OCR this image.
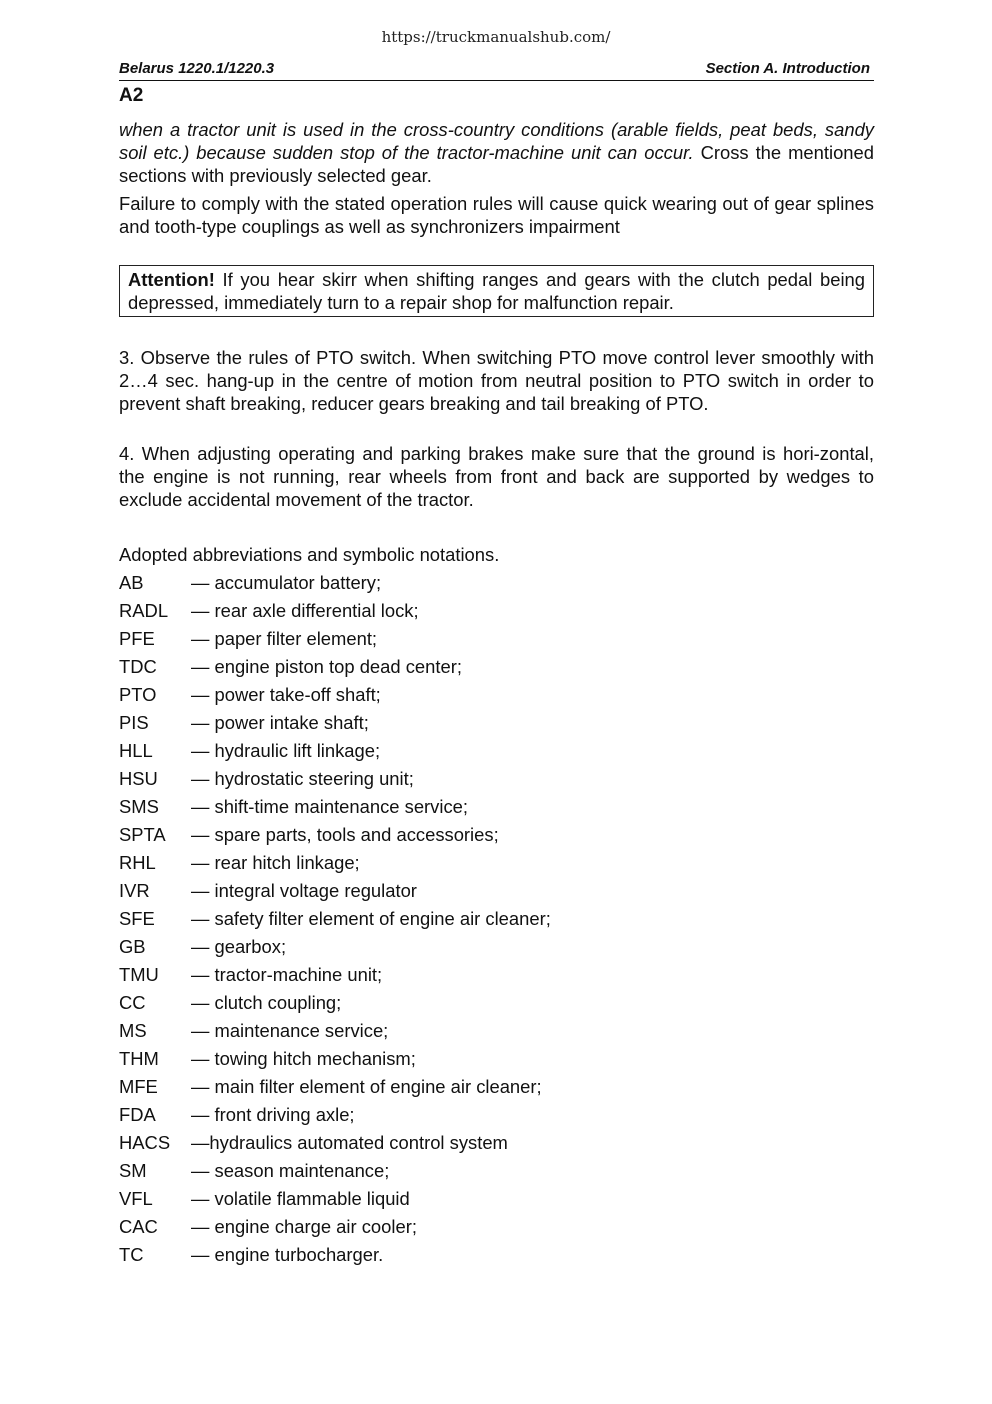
https://truckmanualshub.com/
Belarus 1220.1/1220.3	Section A. Introduction
A2
when a tractor unit is used in the cross-country conditions (arable fields, peat beds, sandy soil etc.) because sudden stop of the tractor-machine unit can occur. Cross the mentioned sections with previously selected gear.
Failure to comply with the stated operation rules will cause quick wearing out of gear splines and tooth-type couplings as well as synchronizers impairment
Attention! If you hear skirr when shifting ranges and gears with the clutch pedal being depressed, immediately turn to a repair shop for malfunction repair.
3. Observe the rules of PTO switch. When switching PTO move control lever smoothly with 2…4 sec. hang-up in the centre of motion from neutral position to PTO switch in order to prevent shaft breaking, reducer gears breaking and tail breaking of PTO.
4. When adjusting operating and parking brakes make sure that the ground is hori-zontal, the engine is not running, rear wheels from front and back are supported by wedges to exclude accidental movement of the tractor.
Adopted abbreviations and symbolic notations.
AB	— accumulator battery;
RADL — rear axle differential lock;
PFE — paper filter element;
TDC — engine piston top dead center;
PTO — power take-off shaft;
PIS — power intake shaft;
HLL — hydraulic lift linkage;
HSU — hydrostatic steering unit;
SMS — shift-time maintenance service;
SPTA — spare parts, tools and accessories;
RHL — rear hitch linkage;
IVR — integral voltage regulator
SFE — safety filter element of engine air cleaner;
GB — gearbox;
TMU — tractor-machine unit;
CC — clutch coupling;
MS — maintenance service;
THM — towing hitch mechanism;
MFE — main filter element of engine air cleaner;
FDA — front driving axle;
HACS —hydraulics automated control system
SM — season maintenance;
VFL — volatile flammable liquid
CAC — engine charge air cooler;
TC	— engine turbocharger.
